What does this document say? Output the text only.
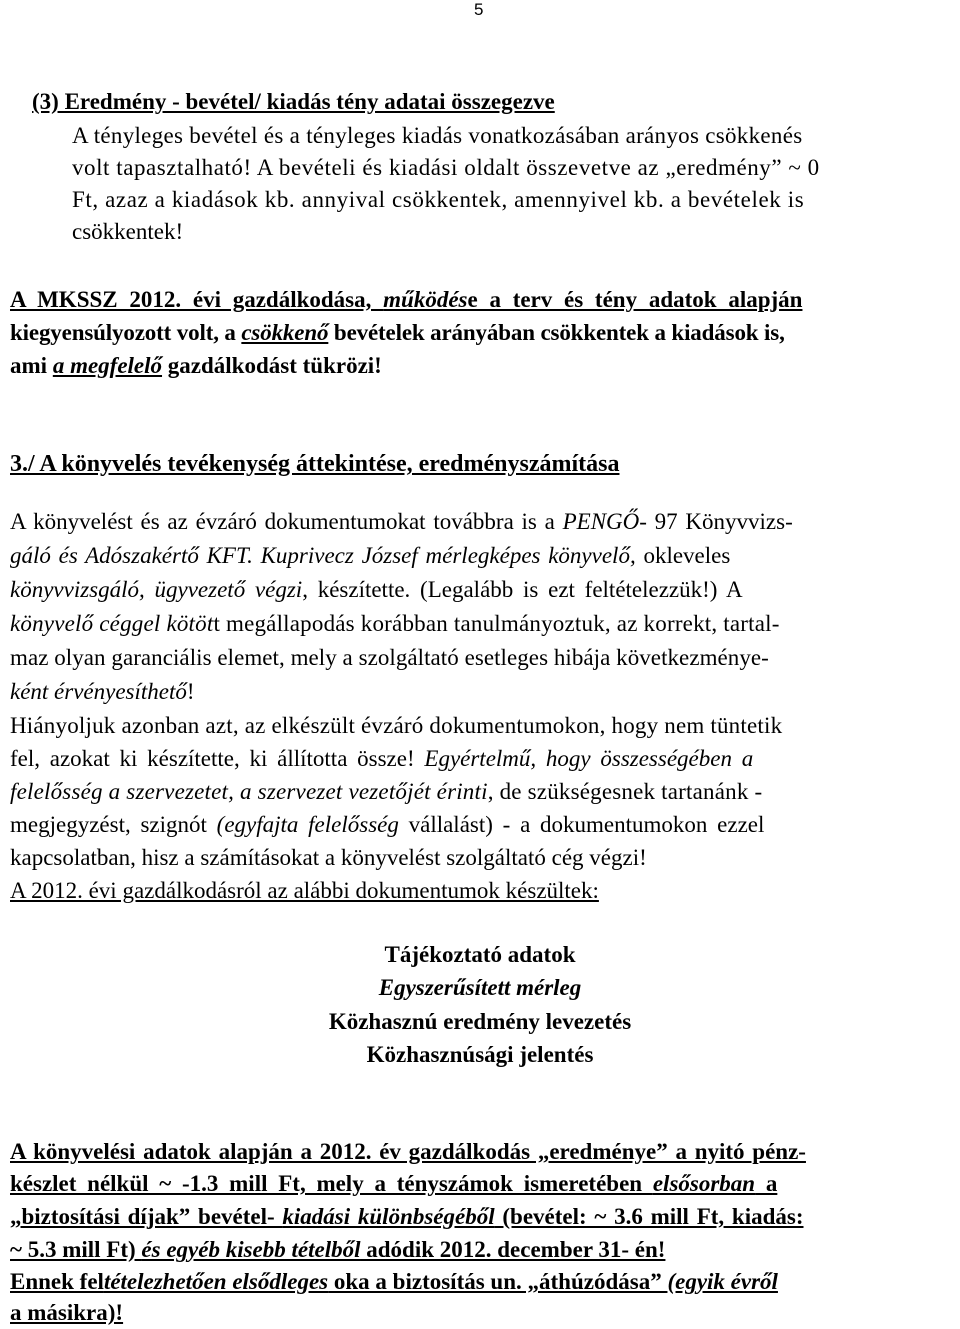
5
(3) Eredmény - bevétel/ kiadás tény adatai összegezve
A tényleges bevétel és a tényleges kiadás vonatkozásában arányos csökkenés
volt tapasztalható! A bevételi és kiadási oldalt összevetve az „eredmény” ~ 0
Ft, azaz a kiadások kb. annyival csökkentek, amennyivel kb. a bevételek is
csökkentek!
A MKSSZ 2012. évi gazdálkodása, működése a terv és tény adatok alapján
kiegyensúlyozott volt, a csökkenő bevételek arányában csökkentek a kiadások is,
ami a megfelelő gazdálkodást tükrözi!
3./ A könyvelés tevékenység áttekintése, eredményszámítása
A könyvelést és az évzáró dokumentumokat továbbra is a PENGŐ- 97 Könyvvizs-
gáló és Adószakértő KFT. Kuprivecz József mérlegképes könyvelő, okleveles
könyvvizsgáló, ügyvezető végzi, készítette. (Legalább is ezt feltételezzük!) A
könyvelő céggel kötött megállapodás korábban tanulmányoztuk, az korrekt, tartal-
maz olyan garanciális elemet, mely a szolgáltató esetleges hibája következménye-
ként érvényesíthető!
Hiányoljuk azonban azt, az elkészült évzáró dokumentumokon, hogy nem tüntetik
fel, azokat ki készítette, ki állította össze! Egyértelmű, hogy összességében a
felelősség a szervezetet, a szervezet vezetőjét érinti, de szükségesnek tartanánk -
megjegyzést, szignót (egyfajta felelősség vállalást) - a dokumentumokon ezzel
kapcsolatban, hisz a számításokat a könyvelést szolgáltató cég végzi!
A 2012. évi gazdálkodásról az alábbi dokumentumok készültek:
Tájékoztató adatok
Egyszerűsített mérleg
Közhasznú eredmény levezetés
Közhasznúsági jelentés
A könyvelési adatok alapján a 2012. év gazdálkodás „eredménye” a nyitó pénz-
készlet nélkül ~ -1.3 mill Ft, mely a tényszámok ismeretében elsősorban a
„biztosítási díjak” bevétel- kiadási különbségéből (bevétel: ~ 3.6 mill Ft, kiadás:
~ 5.3 mill Ft) és egyéb kisebb tételből adódik 2012. december 31- én!
Ennek feltételezhetően elsődleges oka a biztosítás un. „áthúzódása” (egyik évről
a másikra)!
